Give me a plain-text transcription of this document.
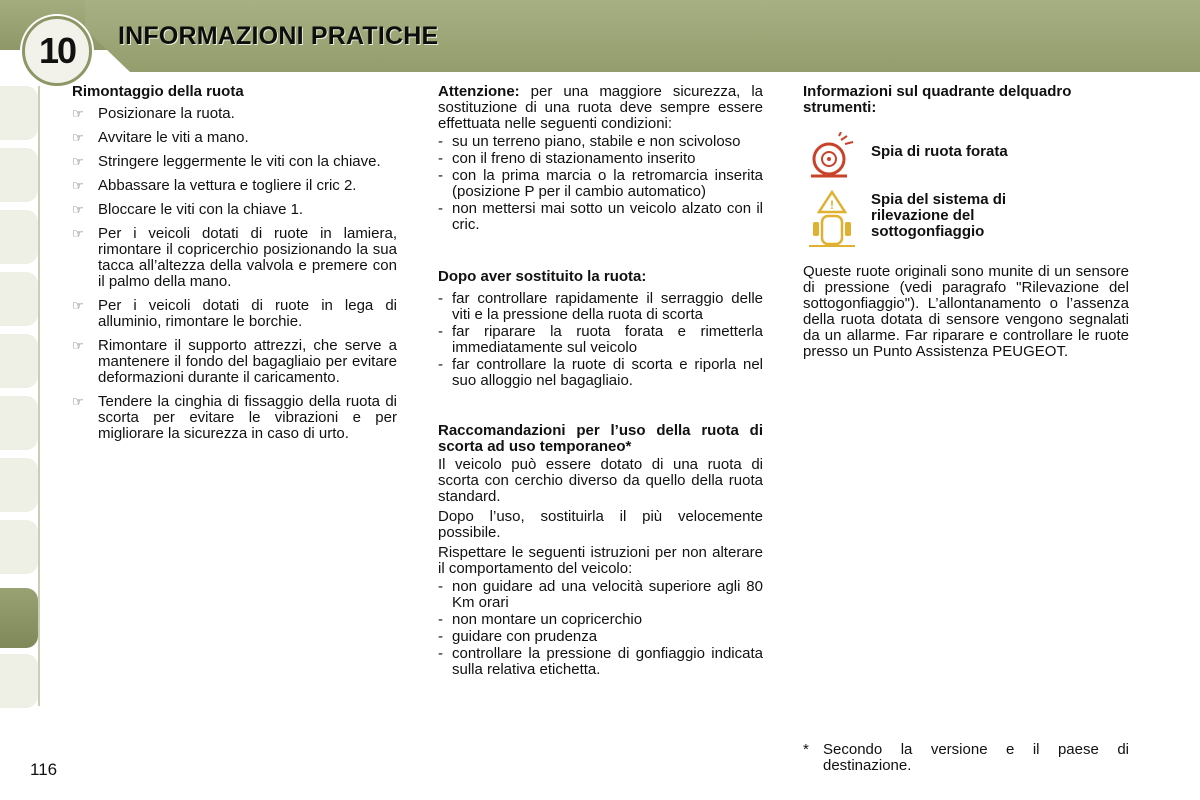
10	INFORMAZIONI PRATICHE

Rimontaggio della ruota

☞ Posizionare la ruota.
☞ Avvitare le viti a mano.
☞ Stringere leggermente le viti con la chiave.
☞ Abbassare la vettura e togliere il cric 2.
☞ Bloccare le viti con la chiave 1.
☞ Per i veicoli dotati di ruote in lamiera, rimontare il copricerchio posizionando la sua tacca all’altezza della valvola e premere con il palmo della mano.
☞ Per i veicoli dotati di ruote in lega di alluminio, rimontare le borchie.
☞ Rimontare il supporto attrezzi, che serve a mantenere il fondo del bagagliaio per evitare deformazioni durante il caricamento.
☞ Tendere la cinghia di fissaggio della ruota di scorta per evitare le vibrazioni e per migliorare la sicurezza in caso di urto.

Attenzione: per una maggiore sicurezza, la sostituzione di una ruota deve sempre essere effettuata nelle seguenti condizioni:

- su un terreno piano, stabile e non scivoloso
- con il freno di stazionamento inserito
- con la prima marcia o la retromarcia inserita (posizione P per il cambio automatico)
- non mettersi mai sotto un veicolo alzato con il cric.

Dopo aver sostituito la ruota:

- far controllare rapidamente il serraggio delle viti e la pressione della ruota di scorta
- far riparare la ruota forata e rimetterla immediatamente sul veicolo
- far controllare la ruote di scorta e riporla nel suo alloggio nel bagagliaio.

Raccomandazioni per l’uso della ruota di scorta ad uso temporaneo*

Il veicolo può essere dotato di una ruota di scorta con cerchio diverso da quello della ruota standard.

Dopo l’uso, sostituirla il più velocemente possibile.

Rispettare le seguenti istruzioni per non alterare il comportamento del veicolo:

- non guidare ad una velocità superiore agli 80 Km orari
- non montare un copricerchio
- guidare con prudenza
- controllare la pressione di gonfiaggio indicata sulla relativa etichetta.

Informazioni sul quadrante delquadro strumenti:

Spia di ruota forata
! Spia del sistema di rilevazione del sottogonfiaggio

Queste ruote originali sono munite di un sensore di pressione (vedi paragrafo "Rilevazione del sottogonfiaggio"). L’allontanamento o l’assenza della ruota dotata di sensore vengono segnalati da un allarme. Far riparare e controllare le ruote presso un Punto Assistenza PEUGEOT.

* Secondo la versione e il paese di destinazione.

116
